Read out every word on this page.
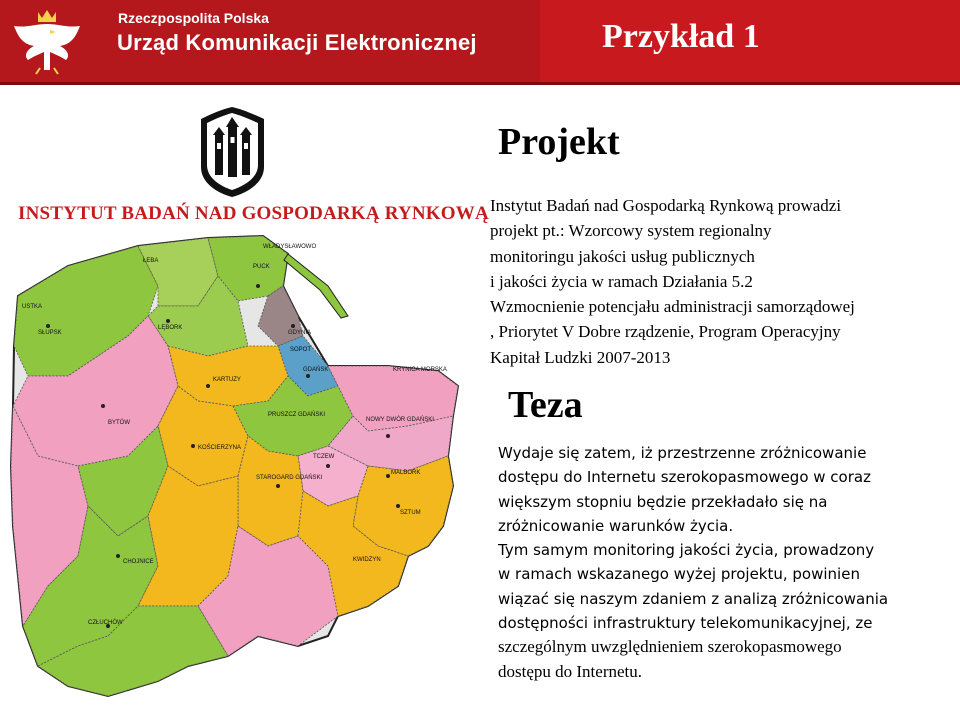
Rzeczpospolita Polska
Urząd Komunikacji Elektronicznej	Przykład 1
INSTYTUT BADAŃ NAD GOSPODARKĄ RYNKOWĄ
SŁUPSK
USTKA
ŁEBA
LĘBORK
PUCK
WŁADYSŁAWOWO
GDYNIA
SOPOT
GDAŃSK
KARTUZY
KOŚCIERZYNA
BYTÓW
CHOJNICE
CZŁUCHÓW
STAROGARD GDAŃSKI
TCZEW
MALBORK
KWIDZYN
SZTUM
NOWY DWÓR GDAŃSKI
PRUSZCZ GDAŃSKI
KRYNICA MORSKA
Projekt
Instytut Badań nad Gospodarką Rynkową prowadzi
projekt pt.: Wzorcowy system regionalny
monitoringu jakości usług publicznych
i jakości życia w ramach Działania 5.2
Wzmocnienie potencjału administracji samorządowej
, Priorytet V Dobre rządzenie, Program Operacyjny
Kapitał Ludzki 2007-2013
Teza
Wydaje się zatem, iż przestrzenne zróżnicowanie
dostępu do Internetu szerokopasmowego w coraz
większym stopniu będzie przekładało się na
zróżnicowanie warunków życia.
Tym samym monitoring jakości życia, prowadzony
w ramach wskazanego wyżej projektu, powinien
wiązać się naszym zdaniem z analizą zróżnicowania
dostępności infrastruktury telekomunikacyjnej, ze
szczególnym uwzględnieniem szerokopasmowego
dostępu do Internetu.
